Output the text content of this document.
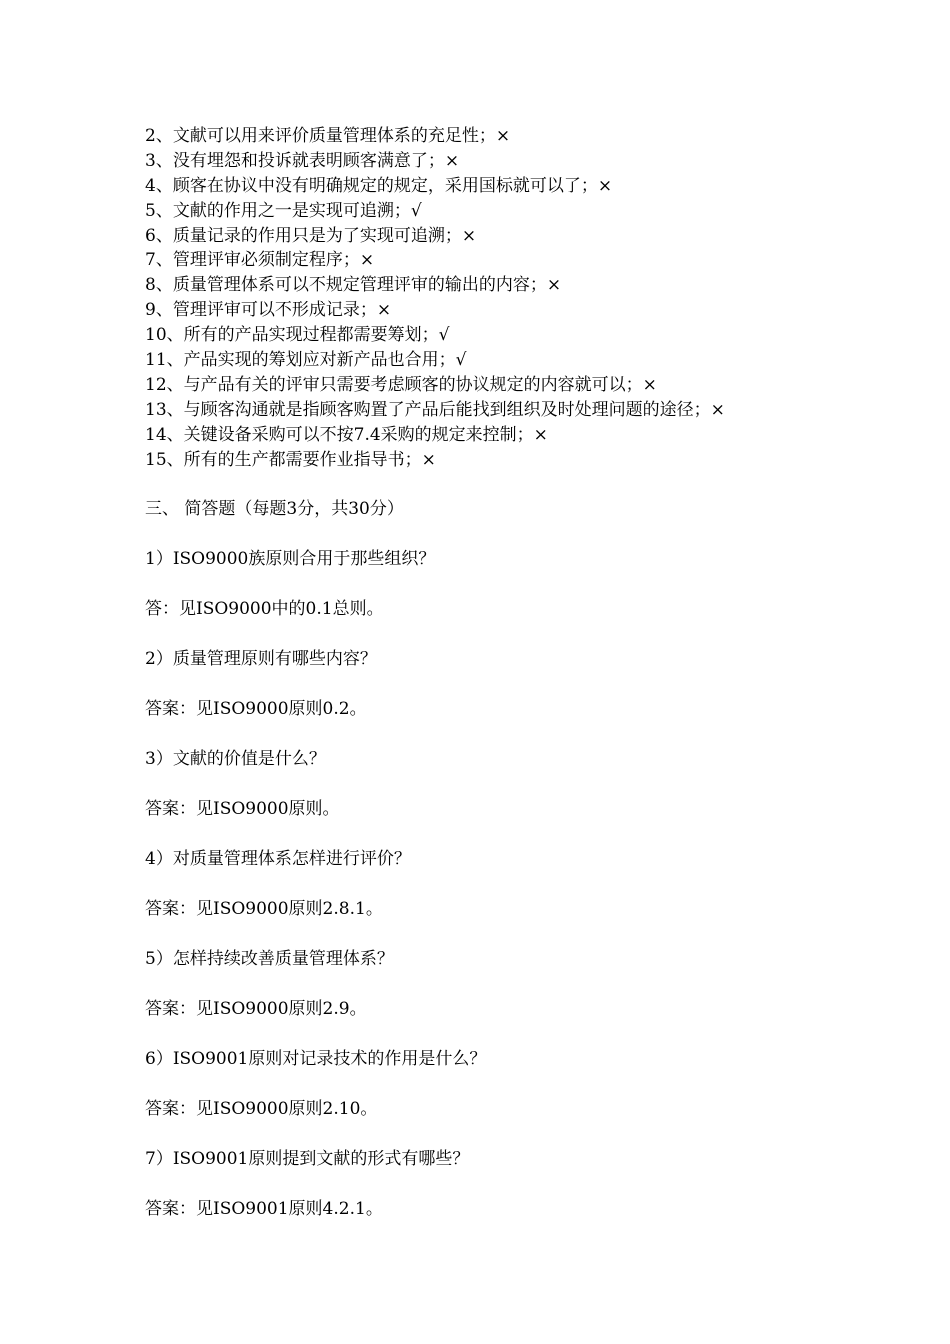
2、文献可以用来评价质量管理体系的充足性；×
3、没有埋怨和投诉就表明顾客满意了；×
4、顾客在协议中没有明确规定的规定，采用国标就可以了；×
5、文献的作用之一是实现可追溯；√
6、质量记录的作用只是为了实现可追溯；×
7、管理评审必须制定程序；×
8、质量管理体系可以不规定管理评审的输出的内容；×
9、管理评审可以不形成记录；×
10、所有的产品实现过程都需要筹划；√
11、产品实现的筹划应对新产品也合用；√
12、与产品有关的评审只需要考虑顾客的协议规定的内容就可以；×
13、与顾客沟通就是指顾客购置了产品后能找到组织及时处理问题的途径；×
14、关键设备采购可以不按7.4采购的规定来控制；×
15、所有的生产都需要作业指导书；×
三、 简答题（每题3分，共30分）
1）ISO9000族原则合用于那些组织？
答：见ISO9000中的0.1总则。
2）质量管理原则有哪些内容？
答案：见ISO9000原则0.2。
3）文献的价值是什么？
答案：见ISO9000原则。
4）对质量管理体系怎样进行评价？
答案：见ISO9000原则2.8.1。
5）怎样持续改善质量管理体系？
答案：见ISO9000原则2.9。
6）ISO9001原则对记录技术的作用是什么？
答案：见ISO9000原则2.10。
7）ISO9001原则提到文献的形式有哪些？
答案：见ISO9001原则4.2.1。
